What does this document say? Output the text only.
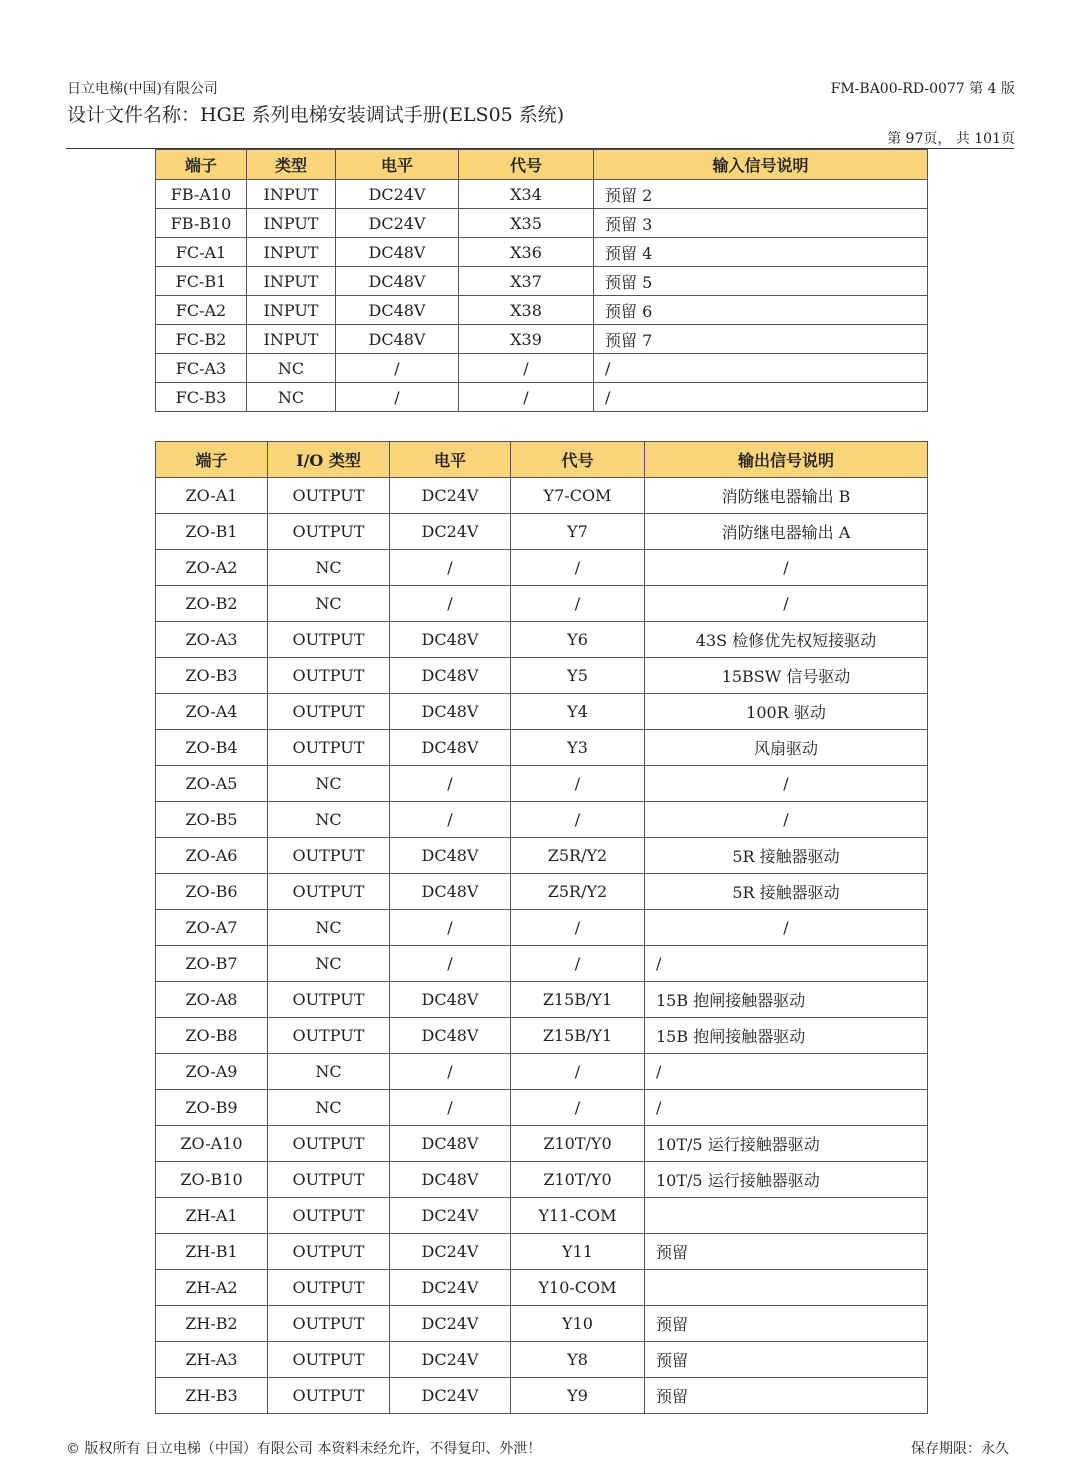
日立电梯(中国)有限公司	FM-BA00-RD-0077 第 4 版
设计文件名称：HGE 系列电梯安装调试手册(ELS05 系统)
第 97页， 共 101页
端子	类型	电平	代号	输入信号说明
FB-A10	INPUT	DC24V	X34	预留 2
FB-B10	INPUT	DC24V	X35	预留 3
FC-A1	INPUT	DC48V	X36	预留 4
FC-B1	INPUT	DC48V	X37	预留 5
FC-A2	INPUT	DC48V	X38	预留 6
FC-B2	INPUT	DC48V	X39	预留 7
FC-A3	NC	/	/	/
FC-B3	NC	/	/	/
端子	I/O 类型	电平	代号	输出信号说明
ZO-A1	OUTPUT	DC24V	Y7-COM	消防继电器输出 B
ZO-B1	OUTPUT	DC24V	Y7	消防继电器输出 A
ZO-A2	NC	/	/	/
ZO-B2	NC	/	/	/
ZO-A3	OUTPUT	DC48V	Y6	43S 检修优先权短接驱动
ZO-B3	OUTPUT	DC48V	Y5	15BSW 信号驱动
ZO-A4	OUTPUT	DC48V	Y4	100R 驱动
ZO-B4	OUTPUT	DC48V	Y3	风扇驱动
ZO-A5	NC	/	/	/
ZO-B5	NC	/	/	/
ZO-A6	OUTPUT	DC48V	Z5R/Y2	5R 接触器驱动
ZO-B6	OUTPUT	DC48V	Z5R/Y2	5R 接触器驱动
ZO-A7	NC	/	/	/
ZO-B7	NC	/	/	/
ZO-A8	OUTPUT	DC48V	Z15B/Y1	15B 抱闸接触器驱动
ZO-B8	OUTPUT	DC48V	Z15B/Y1	15B 抱闸接触器驱动
ZO-A9	NC	/	/	/
ZO-B9	NC	/	/	/
ZO-A10	OUTPUT	DC48V	Z10T/Y0	10T/5 运行接触器驱动
ZO-B10	OUTPUT	DC48V	Z10T/Y0	10T/5 运行接触器驱动
ZH-A1	OUTPUT	DC24V	Y11-COM	
ZH-B1	OUTPUT	DC24V	Y11	预留
ZH-A2	OUTPUT	DC24V	Y10-COM	
ZH-B2	OUTPUT	DC24V	Y10	预留
ZH-A3	OUTPUT	DC24V	Y8	预留
ZH-B3	OUTPUT	DC24V	Y9	预留
© 版权所有 日立电梯（中国）有限公司 本资料未经允许，不得复印、外泄！	保存期限：永久
